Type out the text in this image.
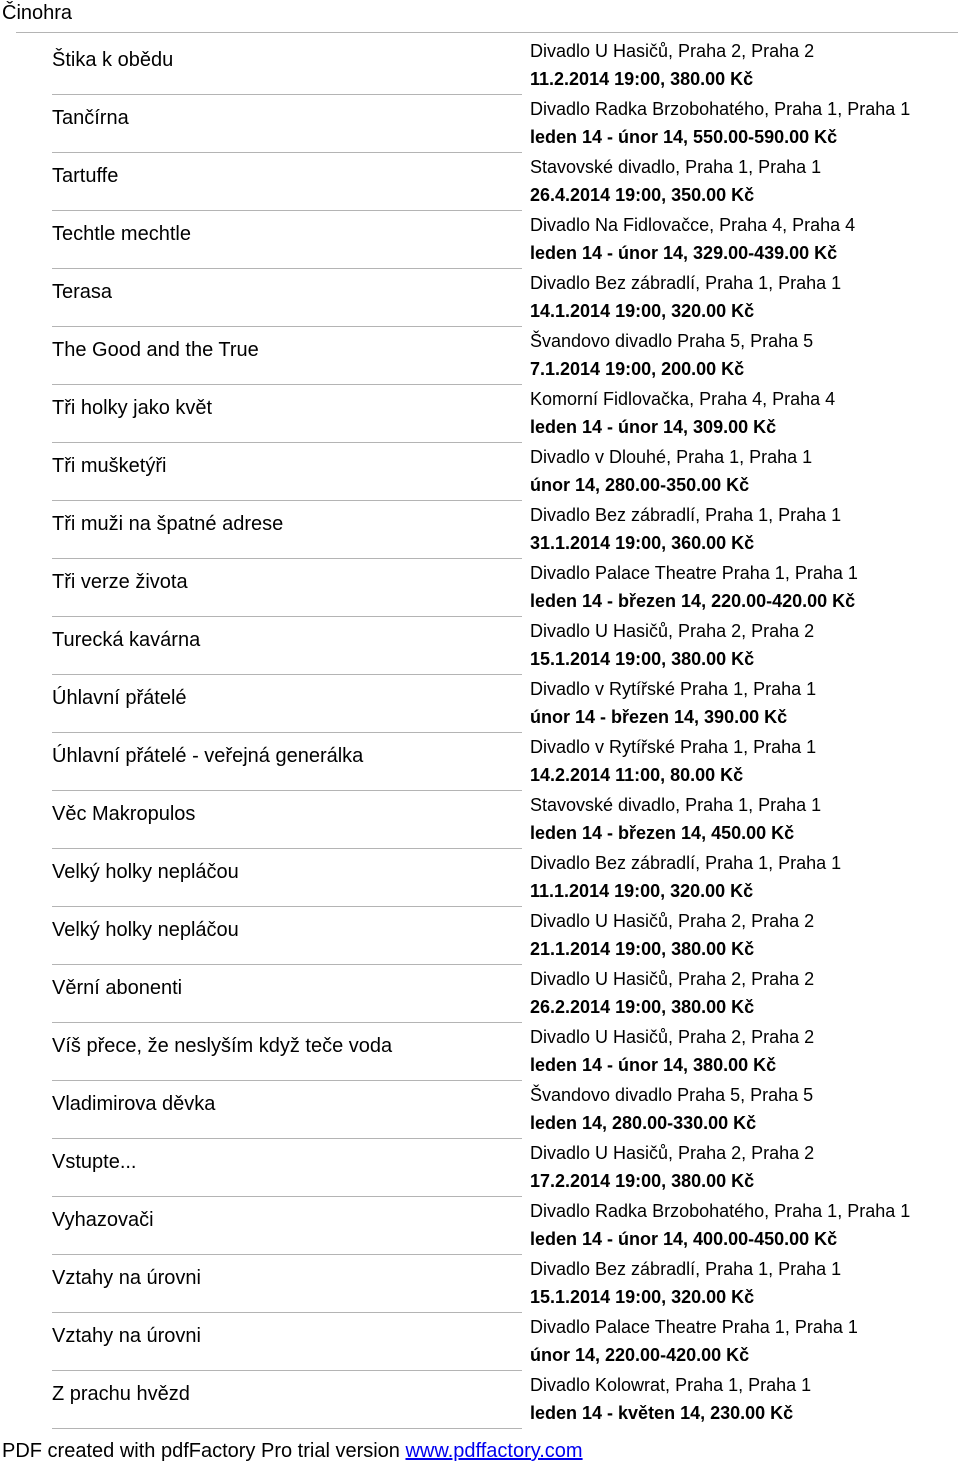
Činohra
Štika k obědu	Divadlo U Hasičů, Praha 2, Praha 2
11.2.2014 19:00, 380.00 Kč
Tančírna	Divadlo Radka Brzobohatého, Praha 1, Praha 1
leden 14 - únor 14, 550.00-590.00 Kč
Tartuffe	Stavovské divadlo, Praha 1, Praha 1
26.4.2014 19:00, 350.00 Kč
Techtle mechtle	Divadlo Na Fidlovačce, Praha 4, Praha 4
leden 14 - únor 14, 329.00-439.00 Kč
Terasa	Divadlo Bez zábradlí, Praha 1, Praha 1
14.1.2014 19:00, 320.00 Kč
The Good and the True	Švandovo divadlo Praha 5, Praha 5
7.1.2014 19:00, 200.00 Kč
Tři holky jako květ	Komorní Fidlovačka, Praha 4, Praha 4
leden 14 - únor 14, 309.00 Kč
Tři mušketýři	Divadlo v Dlouhé, Praha 1, Praha 1
únor 14, 280.00-350.00 Kč
Tři muži na špatné adrese	Divadlo Bez zábradlí, Praha 1, Praha 1
31.1.2014 19:00, 360.00 Kč
Tři verze života	Divadlo Palace Theatre Praha 1, Praha 1
leden 14 - březen 14, 220.00-420.00 Kč
Turecká kavárna	Divadlo U Hasičů, Praha 2, Praha 2
15.1.2014 19:00, 380.00 Kč
Úhlavní přátelé	Divadlo v Rytířské Praha 1, Praha 1
únor 14 - březen 14, 390.00 Kč
Úhlavní přátelé - veřejná generálka	Divadlo v Rytířské Praha 1, Praha 1
14.2.2014 11:00, 80.00 Kč
Věc Makropulos	Stavovské divadlo, Praha 1, Praha 1
leden 14 - březen 14, 450.00 Kč
Velký holky nepláčou	Divadlo Bez zábradlí, Praha 1, Praha 1
11.1.2014 19:00, 320.00 Kč
Velký holky nepláčou	Divadlo U Hasičů, Praha 2, Praha 2
21.1.2014 19:00, 380.00 Kč
Věrní abonenti	Divadlo U Hasičů, Praha 2, Praha 2
26.2.2014 19:00, 380.00 Kč
Víš přece, že neslyším když teče voda	Divadlo U Hasičů, Praha 2, Praha 2
leden 14 - únor 14, 380.00 Kč
Vladimirova děvka	Švandovo divadlo Praha 5, Praha 5
leden 14, 280.00-330.00 Kč
Vstupte...	Divadlo U Hasičů, Praha 2, Praha 2
17.2.2014 19:00, 380.00 Kč
Vyhazovači	Divadlo Radka Brzobohatého, Praha 1, Praha 1
leden 14 - únor 14, 400.00-450.00 Kč
Vztahy na úrovni	Divadlo Bez zábradlí, Praha 1, Praha 1
15.1.2014 19:00, 320.00 Kč
Vztahy na úrovni	Divadlo Palace Theatre Praha 1, Praha 1
únor 14, 220.00-420.00 Kč
Z prachu hvězd	Divadlo Kolowrat, Praha 1, Praha 1
leden 14 - květen 14, 230.00 Kč
PDF created with pdfFactory Pro trial version www.pdffactory.com
